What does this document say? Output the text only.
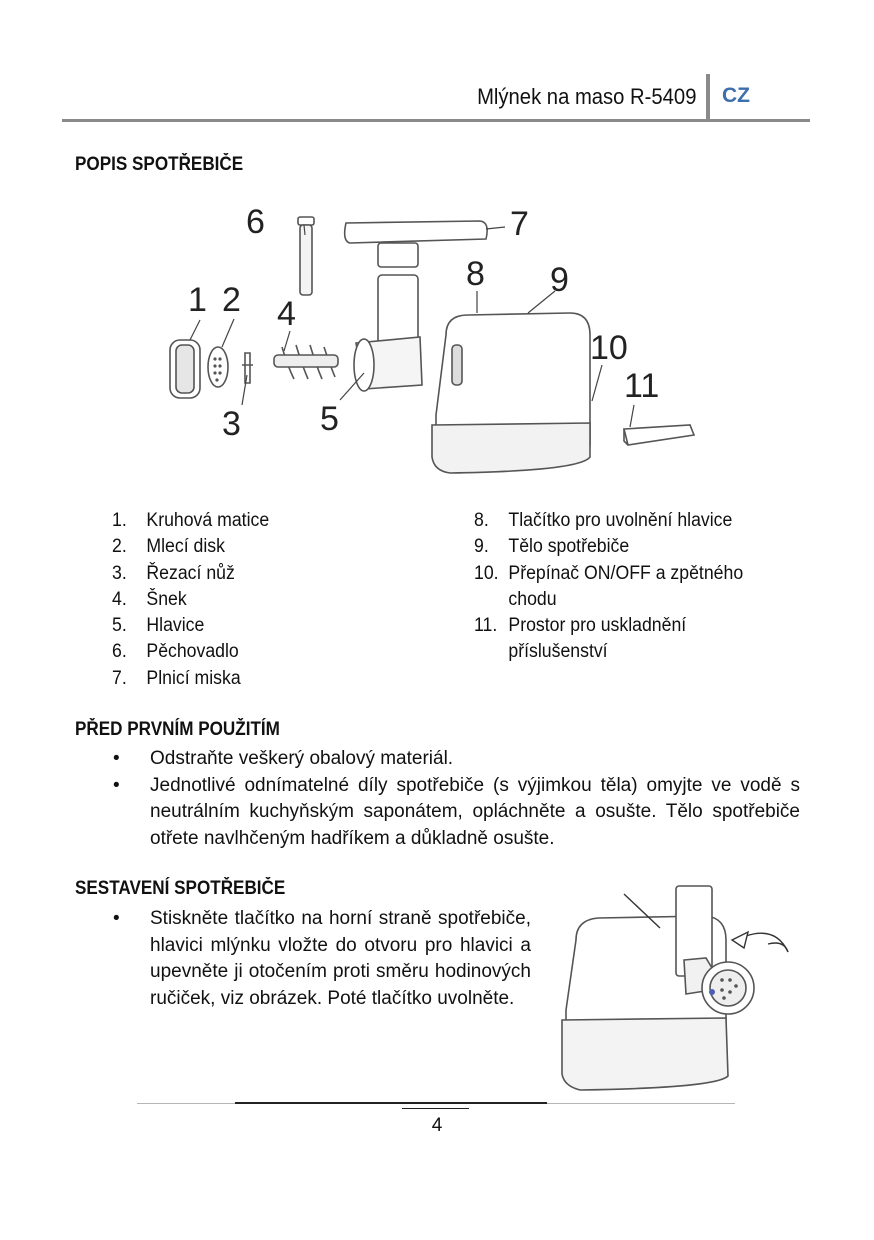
Mlýnek na maso R-5409 CZ
POPIS SPOTŘEBIČE
1 2
3
4
5
6	7
8 9
10
11
1. Kruhová matice
2. Mlecí disk
3. Řezací nůž
4. Šnek
5. Hlavice
6. Pěchovadlo
7. Plnicí miska
8. Tlačítko pro uvolnění hlavice
9. Tělo spotřebiče
10. Přepínač ON/OFF a zpětného
chodu
11. Prostor pro uskladnění
příslušenství
PŘED PRVNÍM POUŽITÍM
• Odstraňte veškerý obalový materiál.
• Jednotlivé odnímatelné díly spotřebiče (s výjimkou těla) omyjte ve vodě s neutrálním kuchyňským saponátem, opláchněte a osušte. Tělo spotřebiče otřete navlhčeným hadříkem a důkladně osušte.
SESTAVENÍ SPOTŘEBIČE
• Stiskněte tlačítko na horní straně spotřebiče, hlavici mlýnku vložte do otvoru pro hlavici a upevněte ji otočením proti směru hodinových ručiček, viz obrázek. Poté tlačítko uvolněte.
4
